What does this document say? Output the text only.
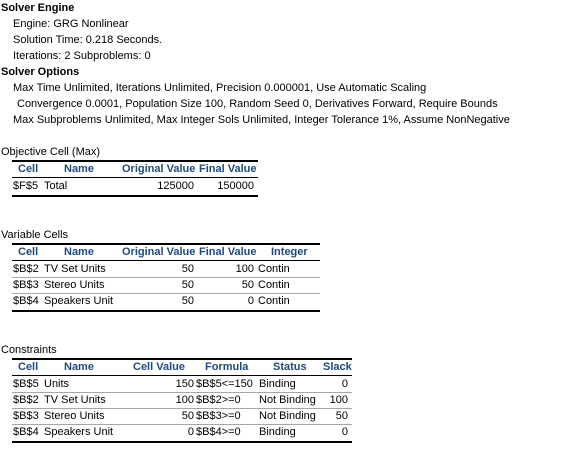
Solver Engine
Engine: GRG Nonlinear
Solution Time: 0.218 Seconds.
Iterations: 2 Subproblems: 0
Solver Options
Max Time Unlimited, Iterations Unlimited, Precision 0.000001, Use Automatic Scaling
Convergence 0.0001, Population Size 100, Random Seed 0, Derivatives Forward, Require Bounds
Max Subproblems Unlimited, Max Integer Sols Unlimited, Integer Tolerance 1%, Assume NonNegative
Objective Cell (Max)
Cell Name	Original Value Final Value
$F$5 Total	125000	150000
Variable Cells
Cell Name	Original Value Final Value Integer
$B$2 TV Set Units	50	100 Contin
$B$3 Stereo Units	50	50 Contin
$B$4 Speakers Unit	50	0 Contin
Constraints
Cell Name	Cell Value Formula Status Slack
$B$5 Units	150 $B$5<=150 Binding	0
$B$2 TV Set Units	100 $B$2>=0 Not Binding	100
$B$3 Stereo Units	50 $B$3>=0 Not Binding	50
$B$4 Speakers Unit	0 $B$4>=0 Binding	0
